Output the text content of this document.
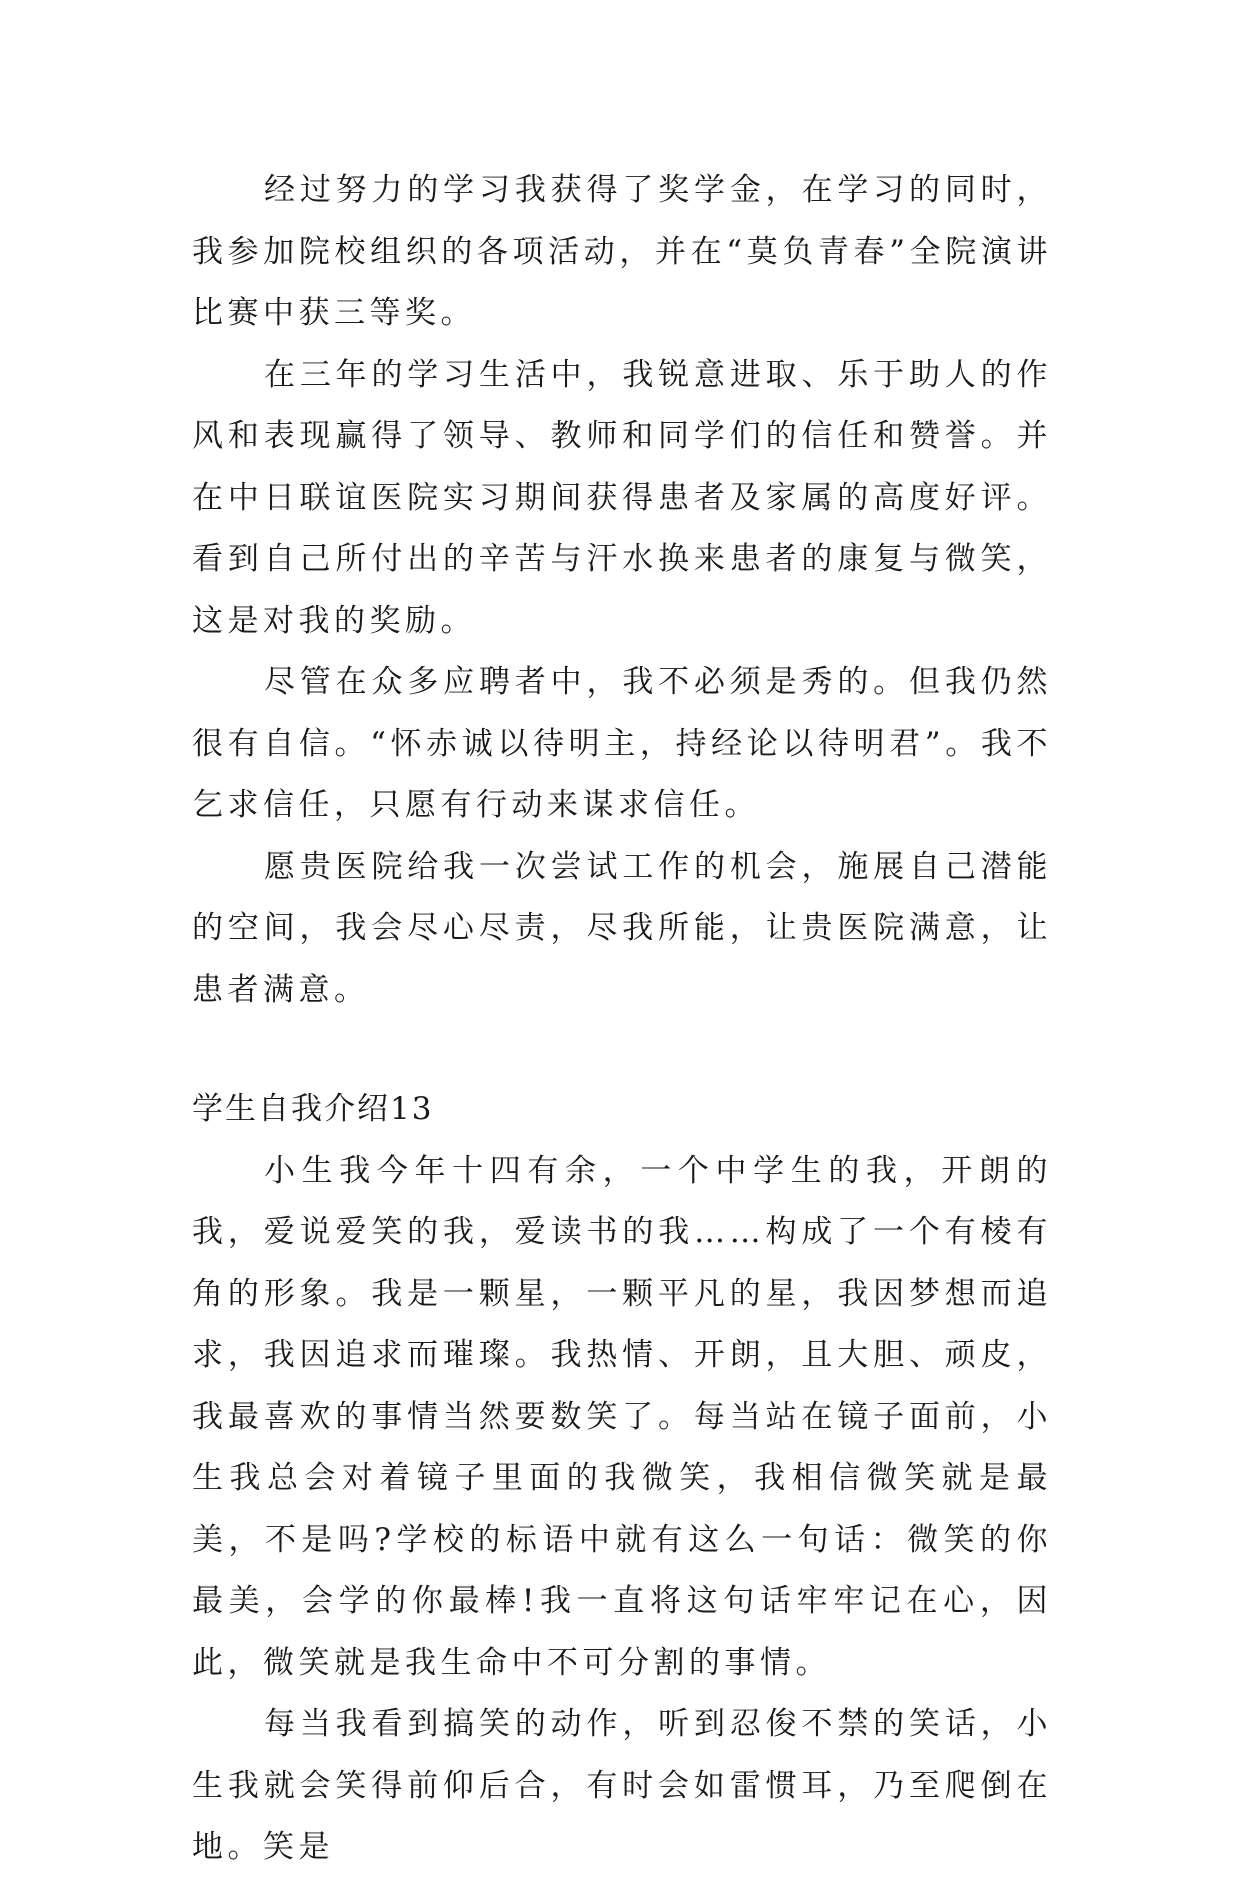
经过努力的学习我获得了奖学金，在学习的同时，我参加院校组织的各项活动，并在“莫负青春”全院演讲比赛中获三等奖。

在三年的学习生活中，我锐意进取、乐于助人的作风和表现赢得了领导、教师和同学们的信任和赞誉。并在中日联谊医院实习期间获得患者及家属的高度好评。看到自己所付出的辛苦与汗水换来患者的康复与微笑，这是对我的奖励。

尽管在众多应聘者中，我不必须是秀的。但我仍然很有自信。“怀赤诚以待明主，持经论以待明君”。我不乞求信任，只愿有行动来谋求信任。

愿贵医院给我一次尝试工作的机会，施展自己潜能的空间，我会尽心尽责，尽我所能，让贵医院满意，让患者满意。

学生自我介绍13

小生我今年十四有余，一个中学生的我，开朗的我，爱说爱笑的我，爱读书的我……构成了一个有棱有角的形象。我是一颗星，一颗平凡的星，我因梦想而追求，我因追求而璀璨。我热情、开朗，且大胆、顽皮，我最喜欢的事情当然要数笑了。每当站在镜子面前，小生我总会对着镜子里面的我微笑，我相信微笑就是最美，不是吗?学校的标语中就有这么一句话：微笑的你最美，会学的你最棒!我一直将这句话牢牢记在心，因此，微笑就是我生命中不可分割的事情。

每当我看到搞笑的动作，听到忍俊不禁的笑话，小生我就会笑得前仰后合，有时会如雷惯耳，乃至爬倒在地。笑是
